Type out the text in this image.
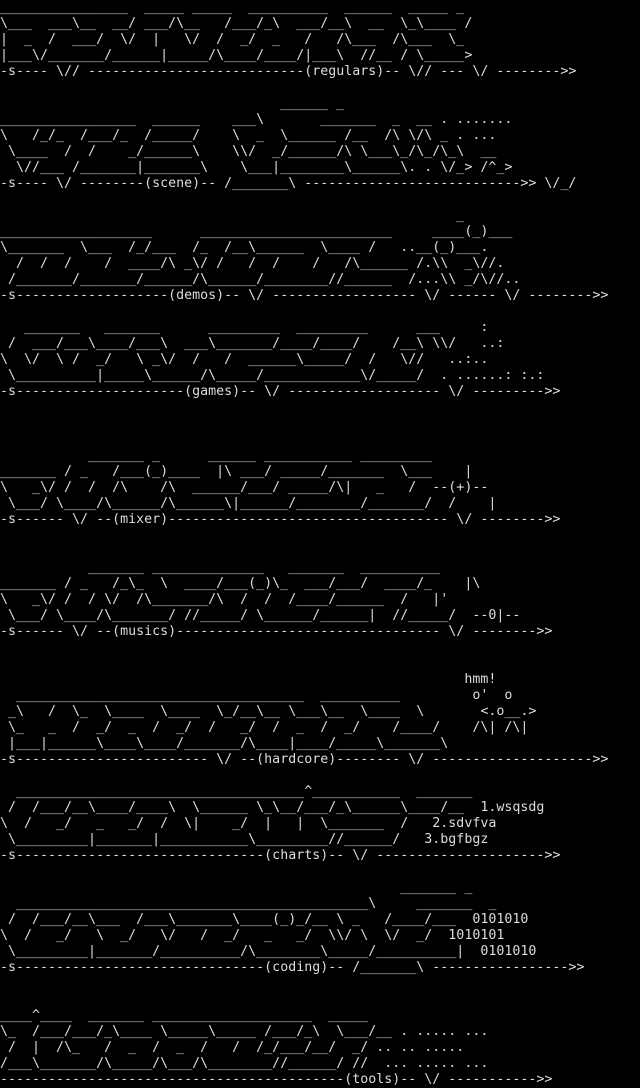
________________  _____ _____  __________  ______  _____ _
\___  ___\__  __/ ___/\__   /___/_\  ___/__\  __  \_\____ /
|  _  /  ___/  \/  |   \/  /  _/  _   /   /\___  /\___  \_
|___\/_______/______|_____/\____/____/|___\  //__ / \_____>
-s---- \// ---------------------------(regulars)-- \// --- \/ -------->>
______ _
_________________  ______    ___\       _______  _  __ . .......
\   /_/_  /___/_  /_____/    \  _  \______ /__  /\ \/\ _ . ...
\____  /  /    _/______\    \\/  _/______/\ \___\_/\_/\_\  __
\//___ /_______|_______\    \___|________\______\. . \/_> /^_>
-s---- \/ --------(scene)-- /_______\ --------------------------->> \/_/
_
___________________      ________________________     ____(_)___
\_______  \___  /_/___  /_  /__\______  \____ /   ..__(_)___.
/  /  /    /  ____/\ _\/ /   /  /    /   /\______ /.\\  _\//.
/_______/_______/______/\______/________//______  /...\\ _/\//..
-s-------------------(demos)-- \/ ------------------ \/ ------ \/ -------->>
_______   _______      _________  _________      ___     :
/  ___/___\____/___\  ___\_______/____/____/    /__\ \\/   ..:
\  \/  \ /  _/   \ _\/  /   /  ______\_____/  /   \//   ..:..
\__________|_____\______/\_____/____________\/_____/  . ......: :.:
-s---------------------(games)-- \/ ------------------- \/ --------->>
_______ _      ______ ___________ _________
_______ / _   /___(_)____  |\ ___/ _____/_______  \___    |
\   _\/ /  /  /\    /\  ______/___/ _____/\|   _   /  --(+)--
\___/ \____/\______/\______\|______/________/_______/  /    |
-s------ \/ --(mixer)----------------------------------- \/ -------->>
_______ ______________   _______  __________
_______ / _   /_\_  \  ____/___(_)\_  ___/___/  ____/_    |\
\   _\/ /  / \/  /\_______/\  /  /  /____/______  /   |'
\___/ \____/\_______/ //_____/ \______/______|  //_____/  --0|--
-s------ \/ --(musics)--------------------------------- \/ -------->>
hmm!
____________________________________  __________         o'  o
_\   /  \_  \____  \____  \_/__\__ \___\__  \____  \       <.o__.>
\_   _  /  _/  _  /  _/  /   _/  /  _  /  _/    /____/    /\| /\|
|___|______\____\____/_______/\____|____/_____\_______\
-s------------------------ \/ --(hardcore)-------- \/ -------------------->>
____________________________________^___________  _______
/  /___/__\____/____\  \______ \_\__/___/_\______\____/__  1.wsqsdg
\  /   _/   _   _/  /  \|    _/  |   |  \_______  /   2.sdvfva
\_________|_______|___________\_________//______/   3.bgfbgz
-s-------------------------------(charts)-- \/ --------------------->>
_______ _
____________________________________________\     _______  _
/  /___/__\___  /___\_______\____(_)_/__ \ _   /____/___  0101010
\  /   _/   \  _/   \/   /  _/   _   _/  \\/ \  \/  _/  1010101
\_________|_______/__________/\________\_____/__________|  0101010
-s-------------------------------(coding)-- /_______\ ----------------->>
____^____  _______ ____________________  _____
\_  /___/___/_\____ \_____\_____ /___/_\  \___/__ . ..... ...
/  |  /\_   /  _  /  _  /   /  /_/___/__/  _/ .. .. .....
/___\_______/\_____/\___/\________//______/ //  ... ..... ...
-------------------------------------------(tools)-- \/ ----------->>
